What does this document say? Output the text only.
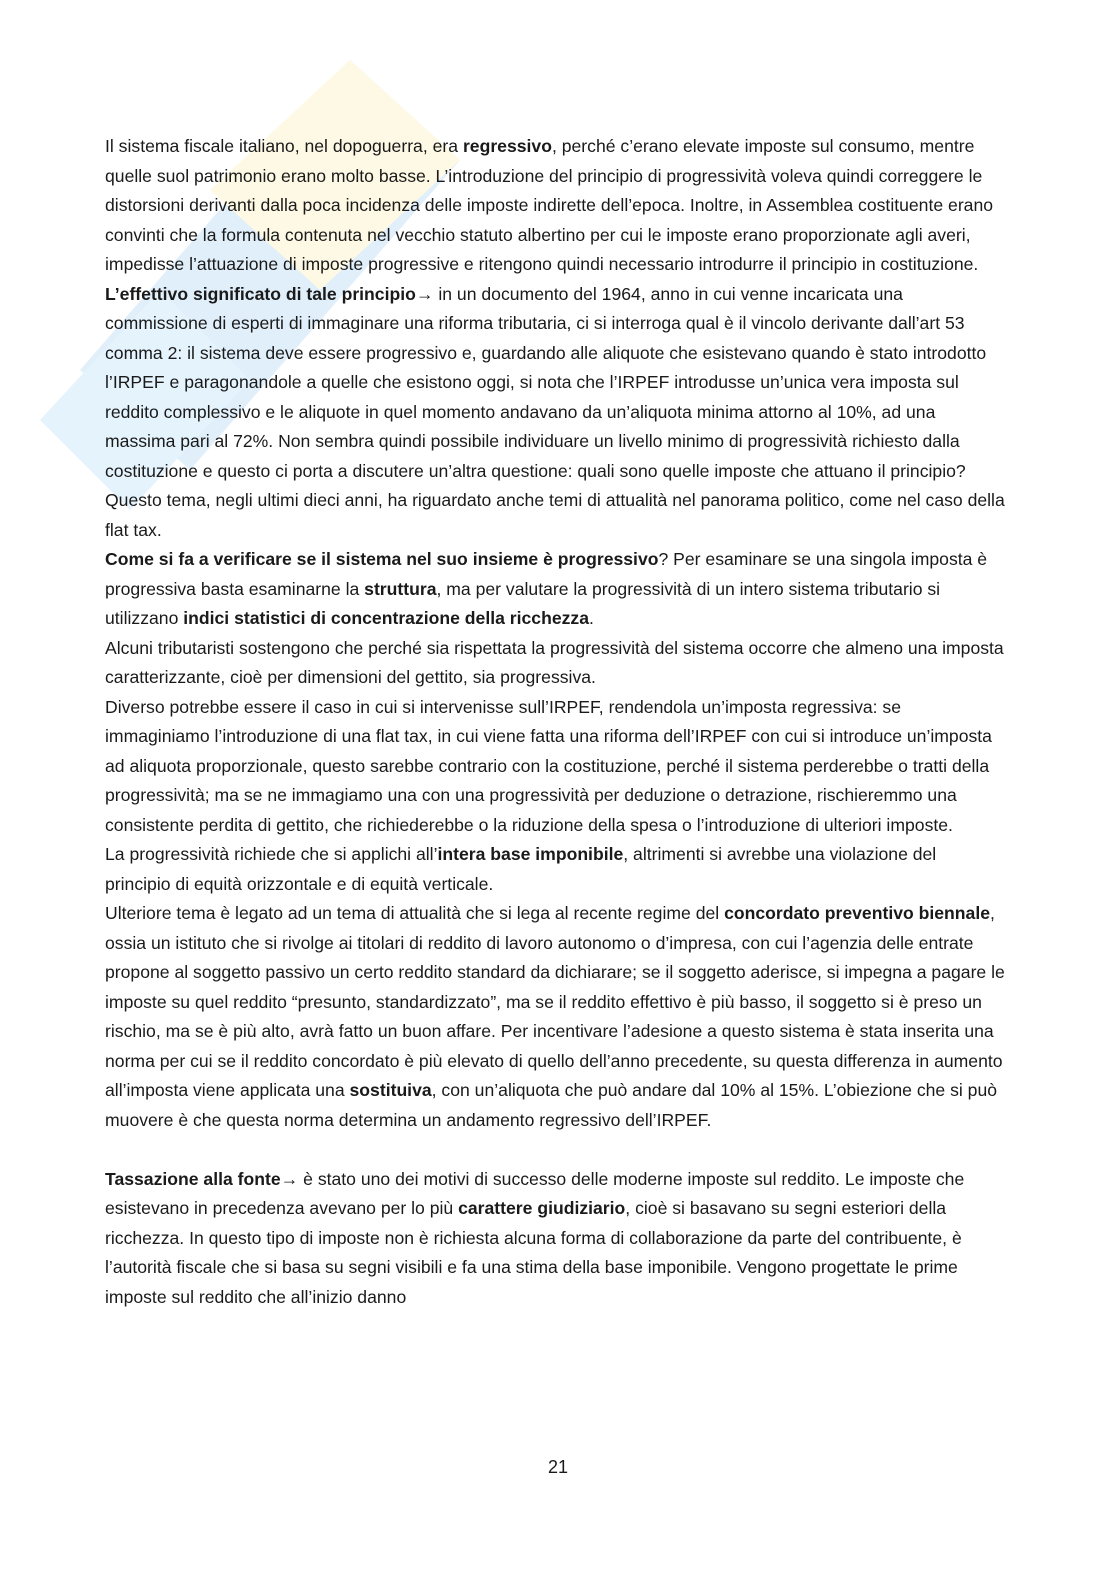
Il sistema fiscale italiano, nel dopoguerra, era regressivo, perché c’erano elevate imposte sul consumo, mentre quelle suol patrimonio erano molto basse. L’introduzione del principio di progressività voleva quindi correggere le distorsioni derivanti dalla poca incidenza delle imposte indirette dell’epoca. Inoltre, in Assemblea costituente erano convinti che la formula contenuta nel vecchio statuto albertino per cui le imposte erano proporzionate agli averi, impedisse l’attuazione di imposte progressive e ritengono quindi necessario introdurre il principio in costituzione.

L’effettivo significato di tale principio→ in un documento del 1964, anno in cui venne incaricata una commissione di esperti di immaginare una riforma tributaria, ci si interroga qual è il vincolo derivante dall’art 53 comma 2: il sistema deve essere progressivo e, guardando alle aliquote che esistevano quando è stato introdotto l’IRPEF e paragonandole a quelle che esistono oggi, si nota che l’IRPEF introdusse un’unica vera imposta sul reddito complessivo e le aliquote in quel momento andavano da un’aliquota minima attorno al 10%, ad una massima pari al 72%. Non sembra quindi possibile individuare un livello minimo di progressività richiesto dalla costituzione e questo ci porta a discutere un’altra questione: quali sono quelle imposte che attuano il principio? Questo tema, negli ultimi dieci anni, ha riguardato anche temi di attualità nel panorama politico, come nel caso della flat tax.

Come si fa a verificare se il sistema nel suo insieme è progressivo? Per esaminare se una singola imposta è progressiva basta esaminarne la struttura, ma per valutare la progressività di un intero sistema tributario si utilizzano indici statistici di concentrazione della ricchezza.

Alcuni tributaristi sostengono che perché sia rispettata la progressività del sistema occorre che almeno una imposta caratterizzante, cioè per dimensioni del gettito, sia progressiva.

Diverso potrebbe essere il caso in cui si intervenisse sull’IRPEF, rendendola un’imposta regressiva: se immaginiamo l’introduzione di una flat tax, in cui viene fatta una riforma dell’IRPEF con cui si introduce un’imposta ad aliquota proporzionale, questo sarebbe contrario con la costituzione, perché il sistema perderebbe o tratti della progressività; ma se ne immagiamo una con una progressività per deduzione o detrazione, rischieremmo una consistente perdita di gettito, che richiederebbe o la riduzione della spesa o l’introduzione di ulteriori imposte.

La progressività richiede che si applichi all’intera base imponibile, altrimenti si avrebbe una violazione del principio di equità orizzontale e di equità verticale.

Ulteriore tema è legato ad un tema di attualità che si lega al recente regime del concordato preventivo biennale, ossia un istituto che si rivolge ai titolari di reddito di lavoro autonomo o d’impresa, con cui l’agenzia delle entrate propone al soggetto passivo un certo reddito standard da dichiarare; se il soggetto aderisce, si impegna a pagare le imposte su quel reddito “presunto, standardizzato”, ma se il reddito effettivo è più basso, il soggetto si è preso un rischio, ma se è più alto, avrà fatto un buon affare. Per incentivare l’adesione a questo sistema è stata inserita una norma per cui se il reddito concordato è più elevato di quello dell’anno precedente, su questa differenza in aumento all’imposta viene applicata una sostituiva, con un’aliquota che può andare dal 10% al 15%. L’obiezione che si può muovere è che questa norma determina un andamento regressivo dell’IRPEF.

Tassazione alla fonte→ è stato uno dei motivi di successo delle moderne imposte sul reddito. Le imposte che esistevano in precedenza avevano per lo più carattere giudiziario, cioè si basavano su segni esteriori della ricchezza. In questo tipo di imposte non è richiesta alcuna forma di collaborazione da parte del contribuente, è l’autorità fiscale che si basa su segni visibili e fa una stima della base imponibile. Vengono progettate le prime imposte sul reddito che all’inizio danno

21
